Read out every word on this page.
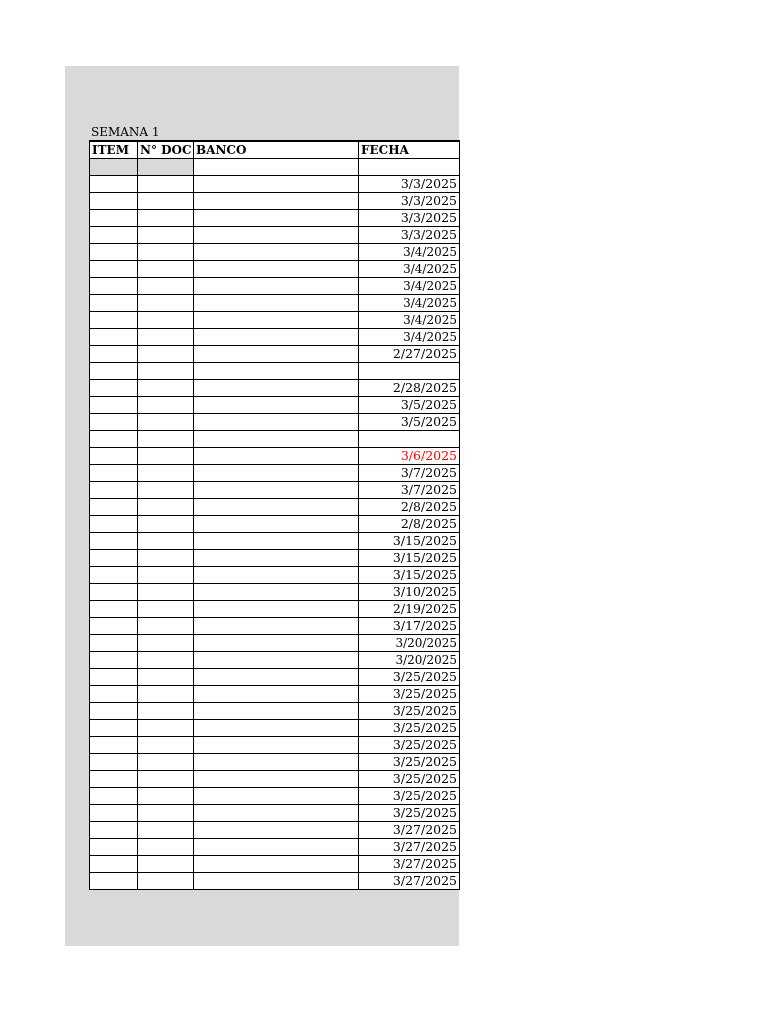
SEMANA 1
ITEM	N° DOC	BANCO	FECHA

			3/3/2025
			3/3/2025
			3/3/2025
			3/3/2025
			3/4/2025
			3/4/2025
			3/4/2025
			3/4/2025
			3/4/2025
			3/4/2025
			2/27/2025

			2/28/2025
			3/5/2025
			3/5/2025

			3/6/2025
			3/7/2025
			3/7/2025
			2/8/2025
			2/8/2025
			3/15/2025
			3/15/2025
			3/15/2025
			3/10/2025
			2/19/2025
			3/17/2025
			3/20/2025
			3/20/2025
			3/25/2025
			3/25/2025
			3/25/2025
			3/25/2025
			3/25/2025
			3/25/2025
			3/25/2025
			3/25/2025
			3/25/2025
			3/27/2025
			3/27/2025
			3/27/2025
			3/27/2025
